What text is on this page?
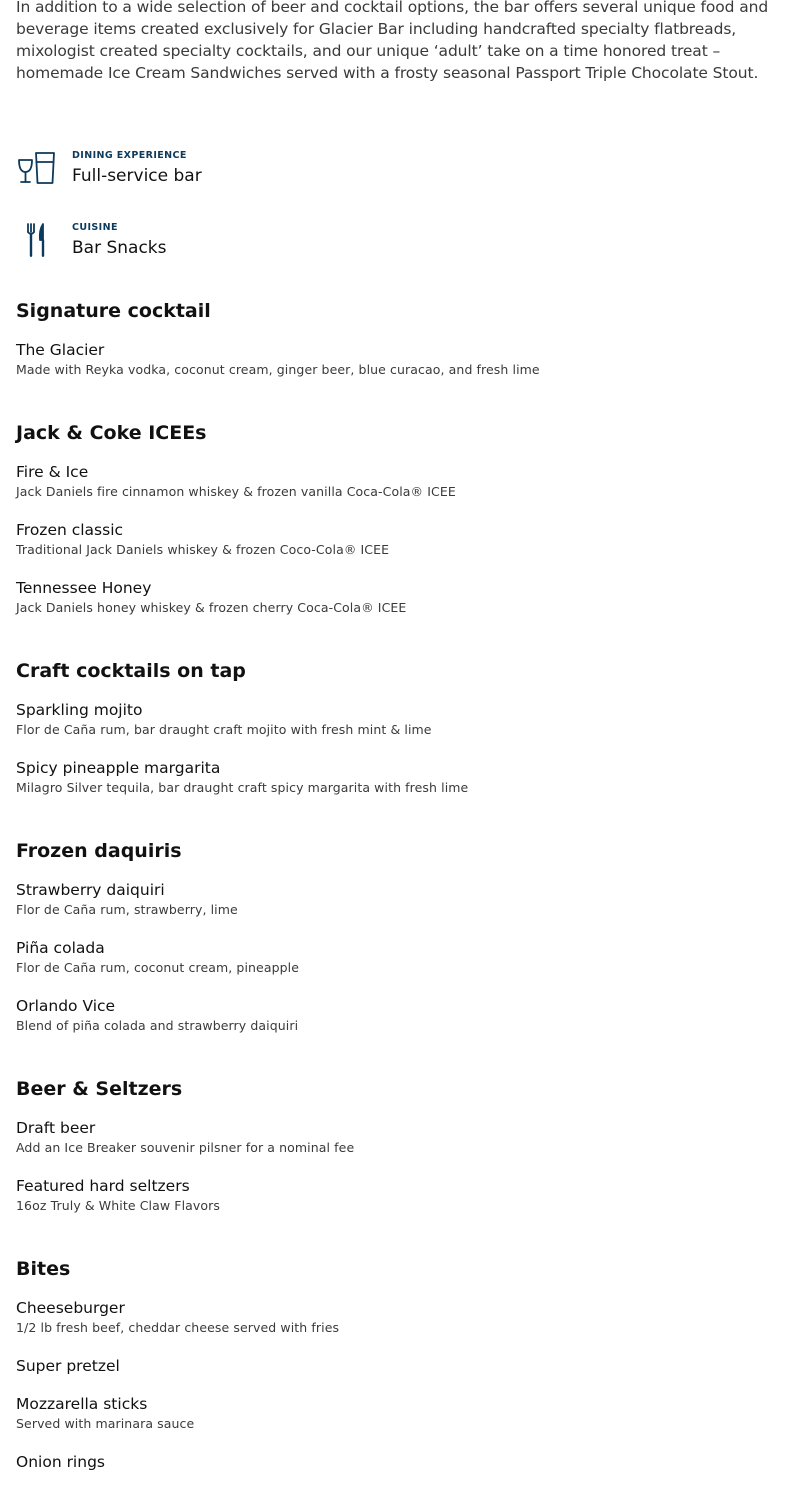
In addition to a wide selection of beer and cocktail options, the bar offers several unique food and beverage items created exclusively for Glacier Bar including handcrafted specialty flatbreads, mixologist created specialty cocktails, and our unique ‘adult’ take on a time honored treat – homemade Ice Cream Sandwiches served with a frosty seasonal Passport Triple Chocolate Stout.

DINING EXPERIENCE
Full-service bar
CUISINE
Bar Snacks
Signature cocktail
The Glacier
Made with Reyka vodka, coconut cream, ginger beer, blue curacao, and fresh lime
Jack & Coke ICEEs
Fire & Ice
Jack Daniels fire cinnamon whiskey & frozen vanilla Coca-Cola® ICEE
Frozen classic
Traditional Jack Daniels whiskey & frozen Coco-Cola® ICEE
Tennessee Honey
Jack Daniels honey whiskey & frozen cherry Coca-Cola® ICEE
Craft cocktails on tap
Sparkling mojito
Flor de Caña rum, bar draught craft mojito with fresh mint & lime
Spicy pineapple margarita
Milagro Silver tequila, bar draught craft spicy margarita with fresh lime
Frozen daquiris
Strawberry daiquiri
Flor de Caña rum, strawberry, lime
Piña colada
Flor de Caña rum, coconut cream, pineapple
Orlando Vice
Blend of piña colada and strawberry daiquiri
Beer & Seltzers
Draft beer
Add an Ice Breaker souvenir pilsner for a nominal fee
Featured hard seltzers
16oz Truly & White Claw Flavors
Bites
Cheeseburger
1/2 lb fresh beef, cheddar cheese served with fries
Super pretzel
Mozzarella sticks
Served with marinara sauce
Onion rings
